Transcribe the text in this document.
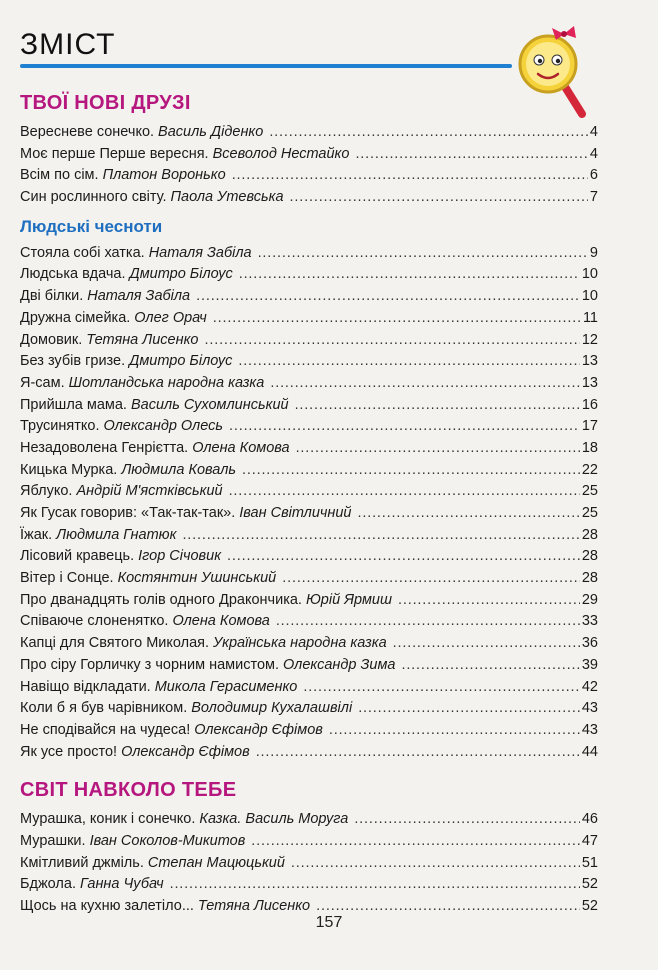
ЗМІСТ
ТВОЇ НОВІ ДРУЗІ
Вересневе сонечко. Василь Діденко . . .	4
Моє перше Перше вересня. Всеволод Нестайко . . .	4
Всім по сім. Платон Воронько . . .	6
Син рослинного світу. Паола Утевська . . .	7
Людські чесноти
Стояла собі хатка. Наталя Забіла . . .	9
Людська вдача. Дмитро Білоус . . .	10
Дві білки. Наталя Забіла . . .	10
Дружна сімейка. Олег Орач . . .	11
Домовик. Тетяна Лисенко . . .	12
Без зубів гризе. Дмитро Білоус . . .	13
Я-сам. Шотландська народна казка . . .	13
Прийшла мама. Василь Сухомлинський . . .	16
Трусинятко. Олександр Олесь . . .	17
Незадоволена Генрієтта. Олена Комова . . .	18
Кицька Мурка. Людмила Коваль . . .	22
Яблуко. Андрій М'ястківський . . .	25
Як Гусак говорив: «Так-так-так». Іван Світличний . . .	25
Їжак. Людмила Гнатюк . . .	28
Лісовий кравець. Ігор Січовик . . .	28
Вітер і Сонце. Костянтин Ушинський . . .	28
Про дванадцять голів одного Дракончика. Юрій Ярмиш . . .	29
Співаюче слоненятко. Олена Комова . . .	33
Капці для Святого Миколая. Українська народна казка . . .	36
Про сіру Горличку з чорним намистом. Олександр Зима . . .	39
Навіщо відкладати. Микола Герасименко . . .	42
Коли б я був чарівником. Володимир Кухалашвілі . . .	43
Не сподівайся на чудеса! Олександр Єфімов . . .	43
Як усе просто! Олександр Єфімов . . .	44
СВІТ НАВКОЛО ТЕБЕ
Мурашка, коник і сонечко. Казка. Василь Моруга . . .	46
Мурашки. Іван Соколов-Микитов . . .	47
Кмітливий джміль. Степан Мацюцький . . .	51
Бджола. Ганна Чубач . . .	52
Щось на кухню залетіло... Тетяна Лисенко . . .	52
157
